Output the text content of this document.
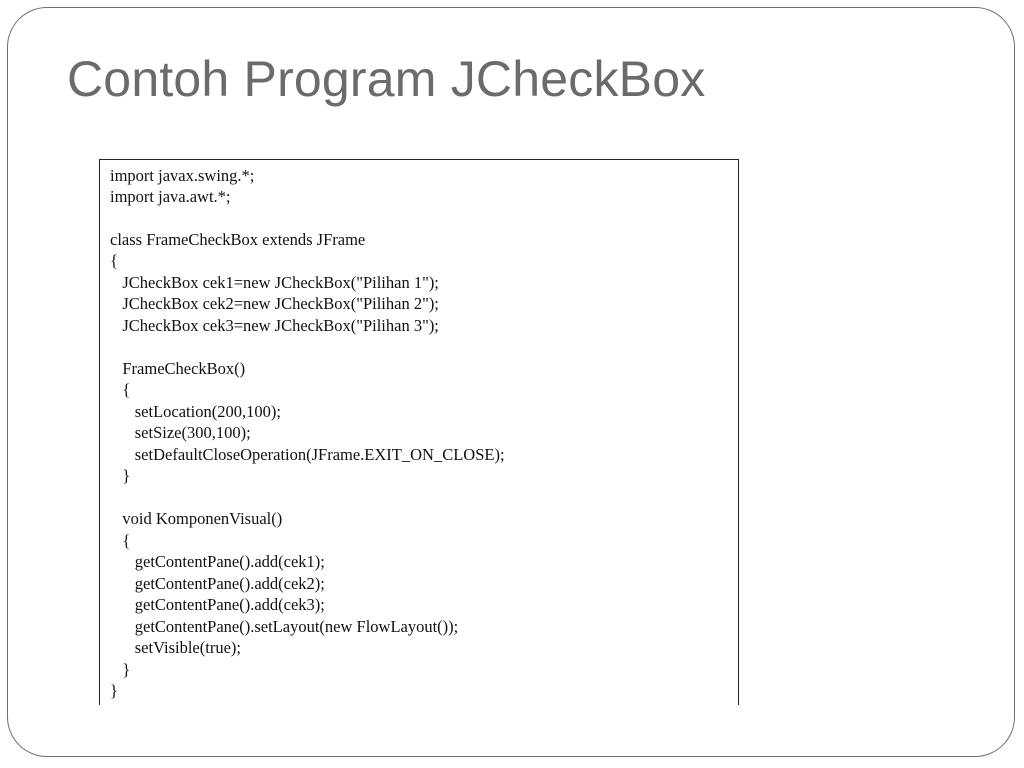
Contoh Program JCheckBox
import javax.swing.*;
import java.awt.*;
class FrameCheckBox extends JFrame
{
JCheckBox cek1=new JCheckBox("Pilihan 1");
JCheckBox cek2=new JCheckBox("Pilihan 2");
JCheckBox cek3=new JCheckBox("Pilihan 3");
FrameCheckBox()
{
setLocation(200,100);
setSize(300,100);
setDefaultCloseOperation(JFrame.EXIT_ON_CLOSE);
}
void KomponenVisual()
{
getContentPane().add(cek1);
getContentPane().add(cek2);
getContentPane().add(cek3);
getContentPane().setLayout(new FlowLayout());
setVisible(true);
}
}
